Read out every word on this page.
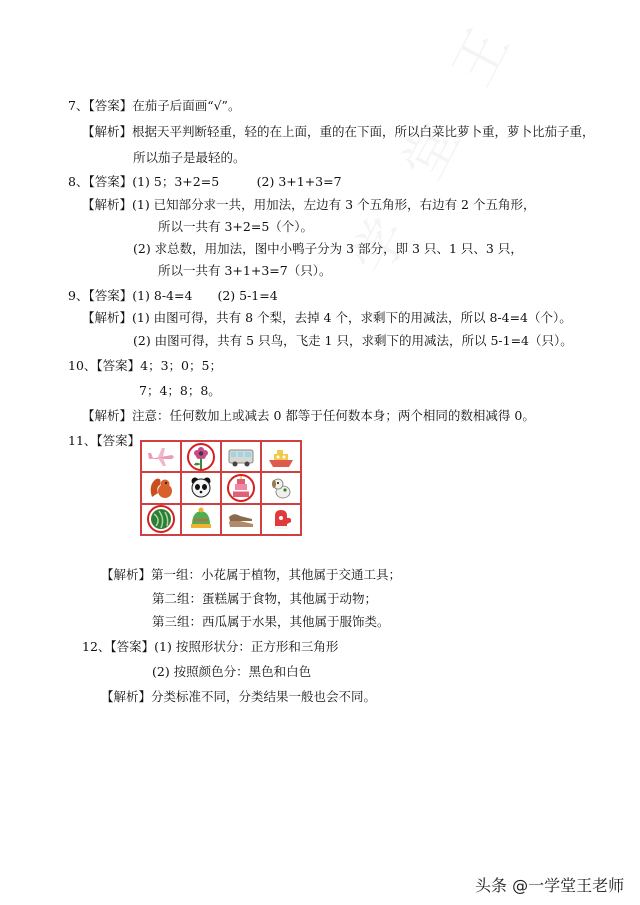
7、【答案】在茄子后面画“√”。
【解析】根据天平判断轻重，轻的在上面，重的在下面，所以白菜比萝卜重，萝卜比茄子重，
所以茄子是最轻的。
8、【答案】(1) 5；3+2=5　　　(2) 3+1+3=7
【解析】(1) 已知部分求一共，用加法，左边有 3 个五角形，右边有 2 个五角形，
所以一共有 3+2=5（个）。
(2) 求总数，用加法，图中小鸭子分为 3 部分，即 3 只、1 只、3 只，
所以一共有 3+1+3=7（只）。
9、【答案】(1) 8-4=4　　(2) 5-1=4
【解析】(1) 由图可得，共有 8 个梨，去掉 4 个，求剩下的用减法，所以 8-4=4（个）。
(2) 由图可得，共有 5 只鸟，飞走 1 只，求剩下的用减法，所以 5-1=4（只）。
10、【答案】4；3；0；5；
7；4；8；8。
【解析】注意：任何数加上或减去 0 都等于任何数本身；两个相同的数相减得 0。
11、【答案】
【解析】第一组：小花属于植物，其他属于交通工具；
第二组：蛋糕属于食物，其他属于动物；
第三组：西瓜属于水果，其他属于服饰类。
12、【答案】(1) 按照形状分：正方形和三角形
(2) 按照颜色分：黑色和白色
【解析】分类标准不同，分类结果一般也会不同。
头条 @一学堂王老师
